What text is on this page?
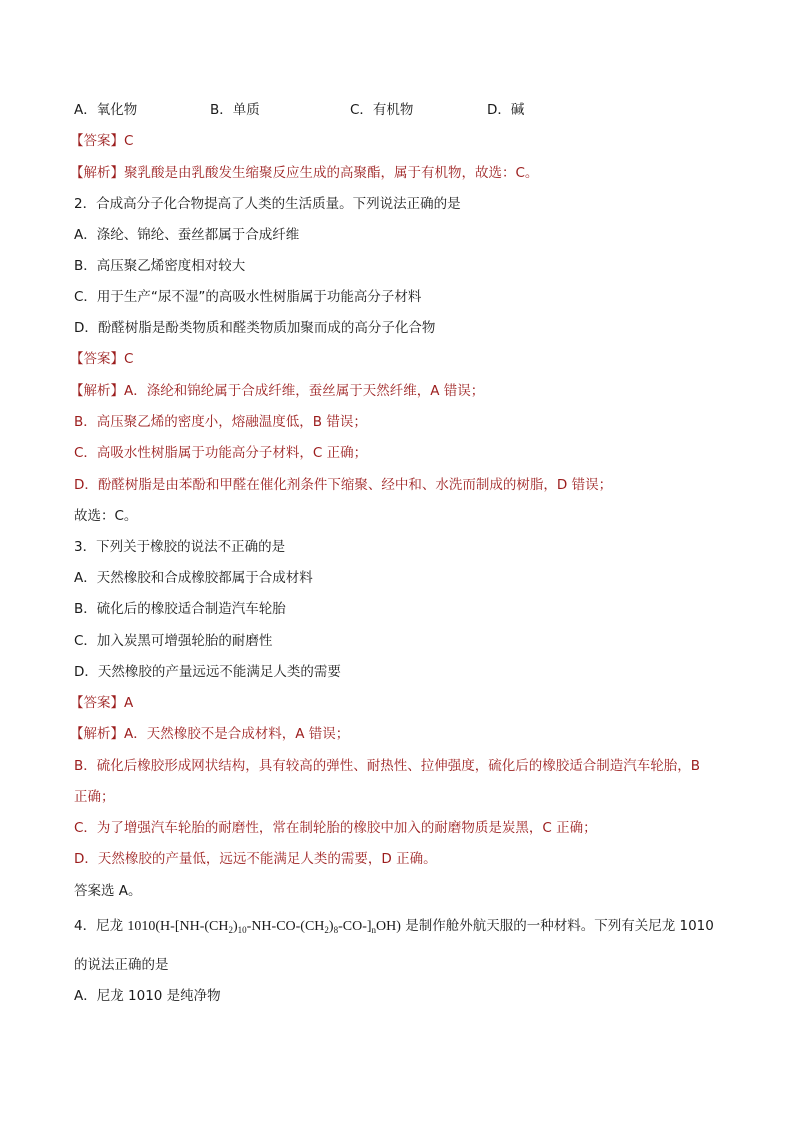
A．氧化物	B．单质	C．有机物	D．碱
【答案】C
【解析】聚乳酸是由乳酸发生缩聚反应生成的高聚酯，属于有机物，故选：C。
2．合成高分子化合物提高了人类的生活质量。下列说法正确的是
A．涤纶、锦纶、蚕丝都属于合成纤维
B．高压聚乙烯密度相对较大
C．用于生产“尿不湿”的高吸水性树脂属于功能高分子材料
D．酚醛树脂是酚类物质和醛类物质加聚而成的高分子化合物
【答案】C
【解析】A．涤纶和锦纶属于合成纤维，蚕丝属于天然纤维，A 错误；
B．高压聚乙烯的密度小，熔融温度低，B 错误；
C．高吸水性树脂属于功能高分子材料，C 正确；
D．酚醛树脂是由苯酚和甲醛在催化剂条件下缩聚、经中和、水洗而制成的树脂，D 错误；
故选：C。
3．下列关于橡胶的说法不正确的是
A．天然橡胶和合成橡胶都属于合成材料
B．硫化后的橡胶适合制造汽车轮胎
C．加入炭黑可增强轮胎的耐磨性
D．天然橡胶的产量远远不能满足人类的需要
【答案】A
【解析】A．天然橡胶不是合成材料，A 错误；
B．硫化后橡胶形成网状结构，具有较高的弹性、耐热性、拉伸强度，硫化后的橡胶适合制造汽车轮胎，B
正确；
C．为了增强汽车轮胎的耐磨性，常在制轮胎的橡胶中加入的耐磨物质是炭黑，C 正确；
D．天然橡胶的产量低，远远不能满足人类的需要，D 正确。
答案选 A。
4．尼龙 $1010(H-[NH-(CH_2)_{10}-NH-CO-(CH_2)_8-CO-]_nOH)$ 是制作舱外航天服的一种材料。下列有关尼龙 1010
的说法正确的是
A．尼龙 1010 是纯净物
